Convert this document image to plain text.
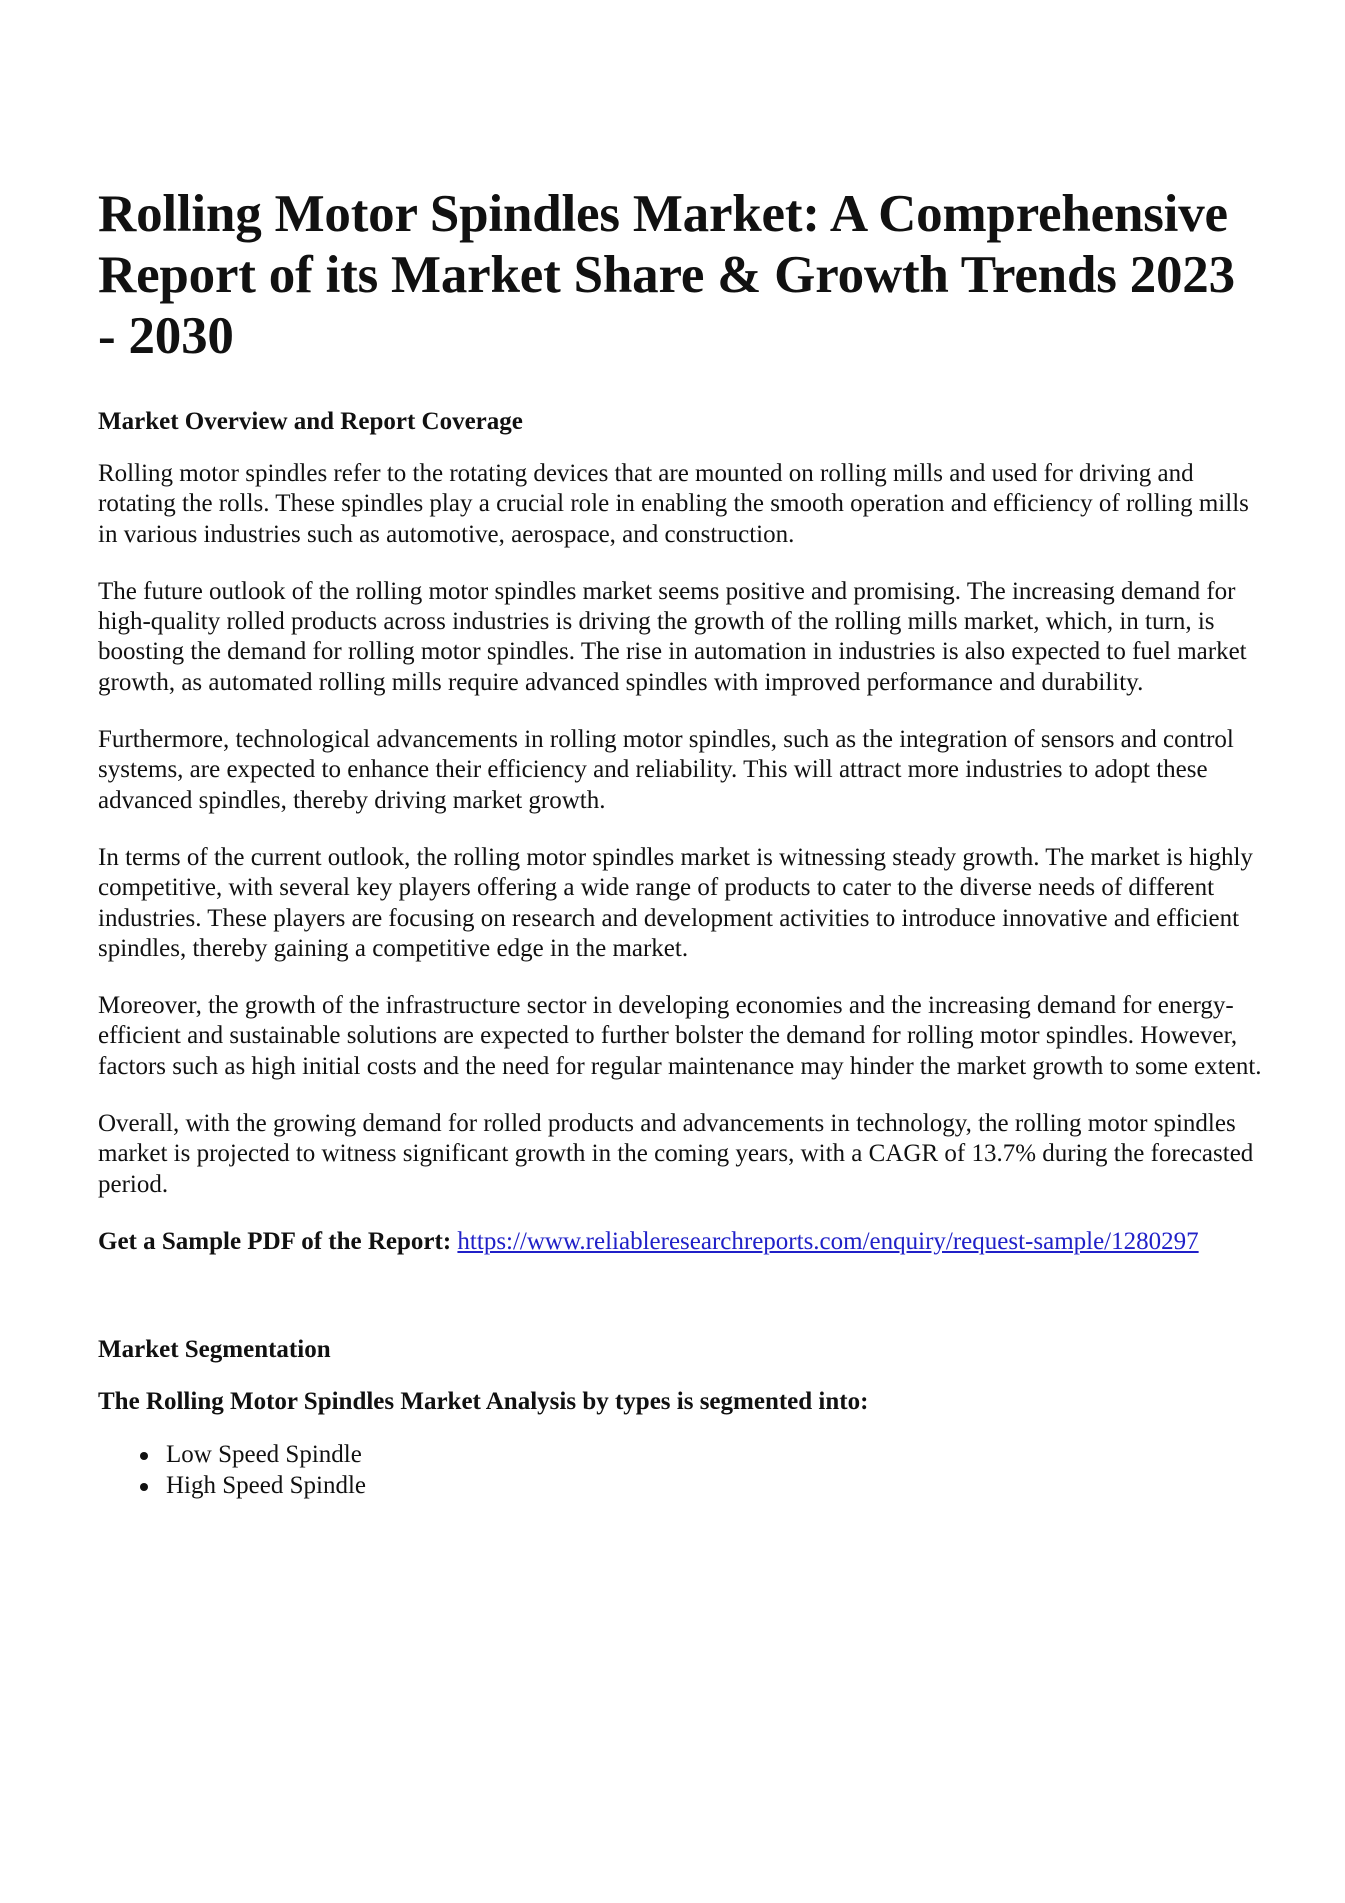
Rolling Motor Spindles Market: A Comprehensive Report of its Market Share & Growth Trends 2023 - 2030
Market Overview and Report Coverage

Rolling motor spindles refer to the rotating devices that are mounted on rolling mills and used for driving and rotating the rolls. These spindles play a crucial role in enabling the smooth operation and efficiency of rolling mills in various industries such as automotive, aerospace, and construction.

The future outlook of the rolling motor spindles market seems positive and promising. The increasing demand for high-quality rolled products across industries is driving the growth of the rolling mills market, which, in turn, is boosting the demand for rolling motor spindles. The rise in automation in industries is also expected to fuel market growth, as automated rolling mills require advanced spindles with improved performance and durability.

Furthermore, technological advancements in rolling motor spindles, such as the integration of sensors and control systems, are expected to enhance their efficiency and reliability. This will attract more industries to adopt these advanced spindles, thereby driving market growth.

In terms of the current outlook, the rolling motor spindles market is witnessing steady growth. The market is highly competitive, with several key players offering a wide range of products to cater to the diverse needs of different industries. These players are focusing on research and development activities to introduce innovative and efficient spindles, thereby gaining a competitive edge in the market.

Moreover, the growth of the infrastructure sector in developing economies and the increasing demand for energy-efficient and sustainable solutions are expected to further bolster the demand for rolling motor spindles. However, factors such as high initial costs and the need for regular maintenance may hinder the market growth to some extent.

Overall, with the growing demand for rolled products and advancements in technology, the rolling motor spindles market is projected to witness significant growth in the coming years, with a CAGR of 13.7% during the forecasted period.

Get a Sample PDF of the Report: https://www.reliableresearchreports.com/enquiry/request-sample/1280297

Market Segmentation
The Rolling Motor Spindles Market Analysis by types is segmented into:
Low Speed Spindle
High Speed Spindle
